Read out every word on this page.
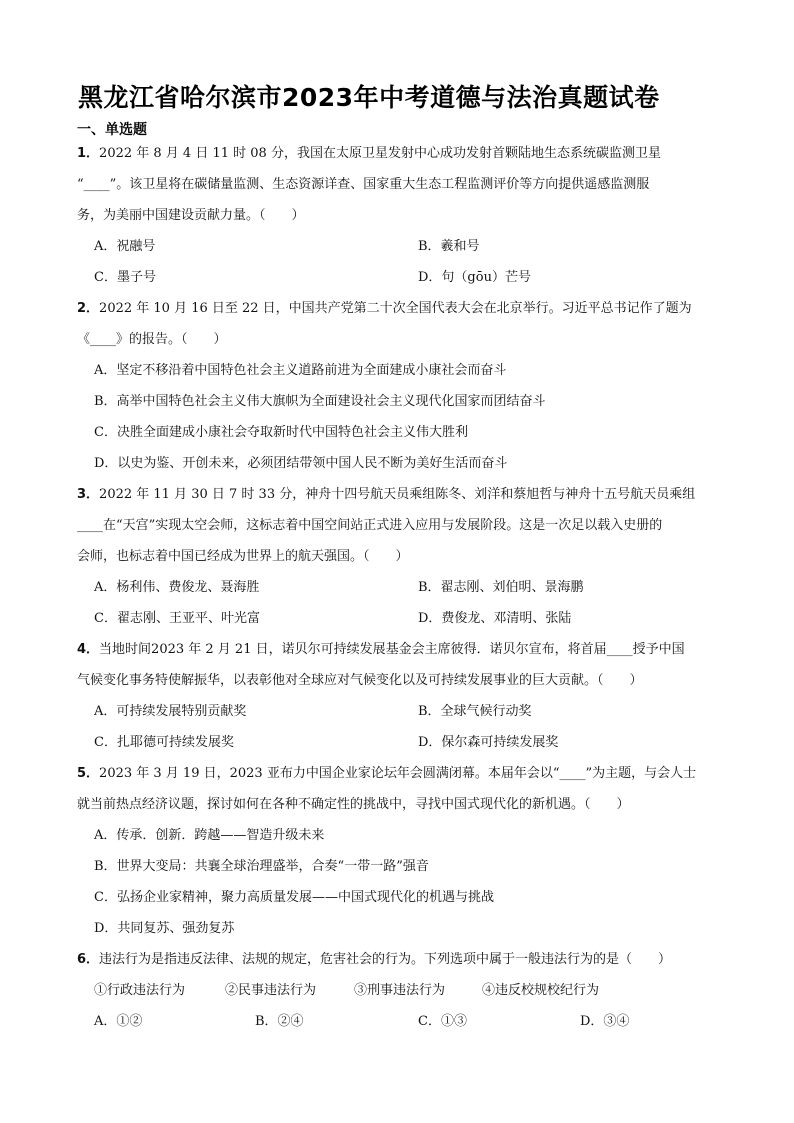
黑龙江省哈尔滨市2023年中考道德与法治真题试卷
一、单选题
1．2022 年 8 月 4 日 11 时 08 分，我国在太原卫星发射中心成功发射首颗陆地生态系统碳监测卫星
“____”。该卫星将在碳储量监测、生态资源详查、国家重大生态工程监测评价等方向提供遥感监测服
务，为美丽中国建设贡献力量。（　　）
A．祝融号	B．羲和号
C．墨子号	D．句（gōu）芒号
2．2022 年 10 月 16 日至 22 日，中国共产党第二十次全国代表大会在北京举行。习近平总书记作了题为
《____》的报告。（　　）
A．坚定不移沿着中国特色社会主义道路前进为全面建成小康社会而奋斗
B．高举中国特色社会主义伟大旗帜为全面建设社会主义现代化国家而团结奋斗
C．决胜全面建成小康社会夺取新时代中国特色社会主义伟大胜利
D．以史为鉴、开创未来，必须团结带领中国人民不断为美好生活而奋斗
3．2022 年 11 月 30 日 7 时 33 分，神舟十四号航天员乘组陈冬、刘洋和蔡旭哲与神舟十五号航天员乘组
____在“天宫”实现太空会师，这标志着中国空间站正式进入应用与发展阶段。这是一次足以载入史册的
会师，也标志着中国已经成为世界上的航天强国。（　　）
A．杨利伟、费俊龙、聂海胜	B．翟志刚、刘伯明、景海鹏
C．翟志刚、王亚平、叶光富	D．费俊龙、邓清明、张陆
4．当地时间2023 年 2 月 21 日，诺贝尔可持续发展基金会主席彼得．诺贝尔宣布，将首届____授予中国
气候变化事务特使解振华，以表彰他对全球应对气候变化以及可持续发展事业的巨大贡献。（　　）
A．可持续发展特别贡献奖	B．全球气候行动奖
C．扎耶德可持续发展奖	D．保尔森可持续发展奖
5．2023 年 3 月 19 日，2023 亚布力中国企业家论坛年会圆满闭幕。本届年会以“____”为主题，与会人士
就当前热点经济议题，探讨如何在各种不确定性的挑战中，寻找中国式现代化的新机遇。（　　）
A．传承．创新．跨越——智造升级未来
B．世界大变局：共襄全球治理盛举，合奏“一带一路”强音
C．弘扬企业家精神，聚力高质量发展——中国式现代化的机遇与挑战
D．共同复苏、强劲复苏
6．违法行为是指违反法律、法规的规定，危害社会的行为。下列选项中属于一般违法行为的是（　　）
①行政违法行为	②民事违法行为	③刑事违法行为	④违反校规校纪行为
A．①②	B．②④	C．①③	D．③④
